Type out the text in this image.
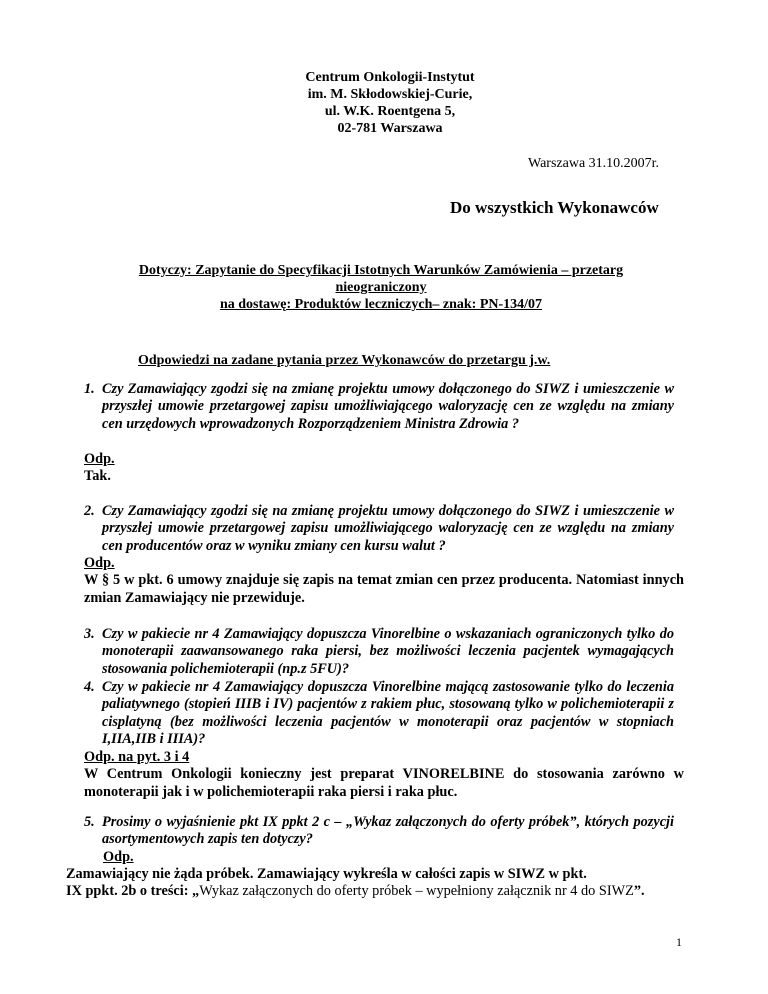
Centrum Onkologii-Instytut
im. M. Skłodowskiej-Curie,
ul. W.K. Roentgena 5,
02-781 Warszawa
Warszawa 31.10.2007r.
Do wszystkich Wykonawców
Dotyczy: Zapytanie do Specyfikacji Istotnych Warunków Zamówienia – przetarg
nieograniczony
na dostawę: Produktów leczniczych– znak: PN-134/07
Odpowiedzi na zadane pytania przez Wykonawców do przetargu j.w.
1. Czy Zamawiający zgodzi się na zmianę projektu umowy dołączonego do SIWZ i umieszczenie w przyszłej umowie przetargowej zapisu umożliwiającego waloryzację cen ze względu na zmiany cen urzędowych wprowadzonych Rozporządzeniem Ministra Zdrowia ?
Odp.
Tak.
2. Czy Zamawiający zgodzi się na zmianę projektu umowy dołączonego do SIWZ i umieszczenie w przyszłej umowie przetargowej zapisu umożliwiającego waloryzację cen ze względu na zmiany cen producentów oraz w wyniku zmiany cen kursu walut ?
Odp.
W § 5 w pkt. 6 umowy znajduje się zapis na temat zmian cen przez producenta. Natomiast innych zmian Zamawiający nie przewiduje.
3. Czy w pakiecie nr 4 Zamawiający dopuszcza Vinorelbine o wskazaniach ograniczonych tylko do monoterapii zaawansowanego raka piersi, bez możliwości leczenia pacjentek wymagających stosowania polichemioterapii (np.z 5FU)?
4. Czy w pakiecie nr 4 Zamawiający dopuszcza Vinorelbine mającą zastosowanie tylko do leczenia paliatywnego (stopień IIIB i IV) pacjentów z rakiem płuc, stosowaną tylko w polichemioterapii z cisplatyną (bez możliwości leczenia pacjentów w monoterapii oraz pacjentów w stopniach I,IIA,IIB i IIIA)?
Odp. na pyt. 3 i 4
W Centrum Onkologii konieczny jest preparat VINORELBINE do stosowania zarówno w monoterapii jak i w polichemioterapii raka piersi i raka płuc.
5. Prosimy o wyjaśnienie pkt IX ppkt 2 c – „Wykaz załączonych do oferty próbek”, których pozycji asortymentowych zapis ten dotyczy?
Odp.
Zamawiający nie żąda próbek. Zamawiający wykreśla w całości zapis w SIWZ w pkt.
IX ppkt. 2b o treści: „Wykaz załączonych do oferty próbek – wypełniony załącznik nr 4 do SIWZ”.
1
